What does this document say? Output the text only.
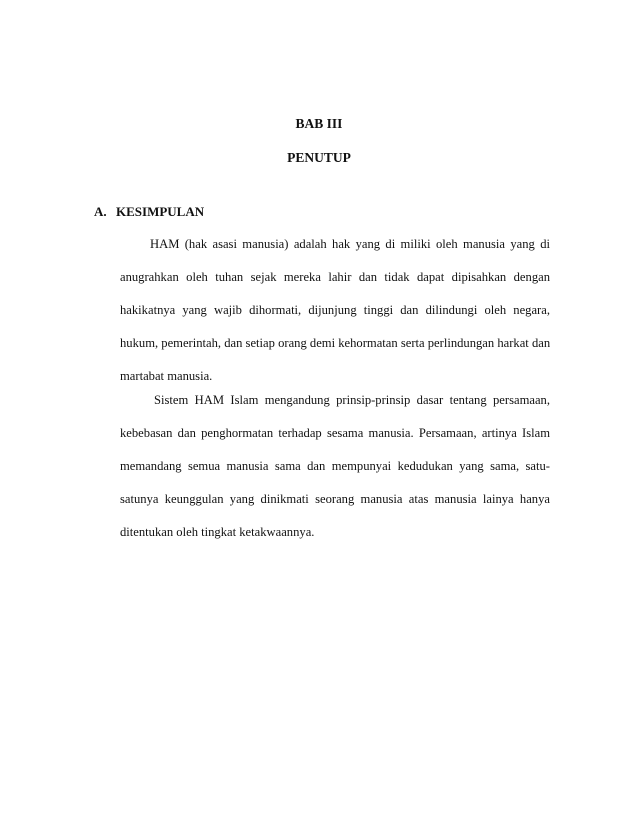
BAB III
PENUTUP
A. KESIMPULAN
HAM (hak asasi manusia) adalah hak yang di miliki oleh manusia yang di
anugrahkan oleh tuhan sejak mereka lahir dan tidak dapat dipisahkan dengan
hakikatnya yang wajib dihormati, dijunjung tinggi dan dilindungi oleh negara,
hukum, pemerintah, dan setiap orang demi kehormatan serta perlindungan harkat dan
martabat manusia.
Sistem HAM Islam mengandung prinsip-prinsip dasar tentang persamaan,
kebebasan dan penghormatan terhadap sesama manusia. Persamaan, artinya Islam
memandang semua manusia sama dan mempunyai kedudukan yang sama, satu-
satunya keunggulan yang dinikmati seorang manusia atas manusia lainya hanya
ditentukan oleh tingkat ketakwaannya.
